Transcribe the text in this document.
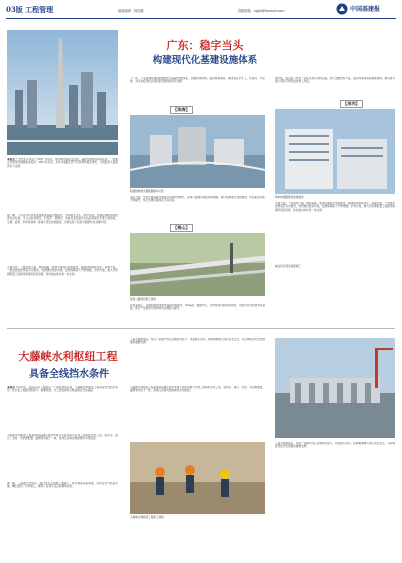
03版 工程管理	版面编辑：林伯鹏	投稿邮箱：zgjtb@foxmail.com	中国基建报
广东：稳字当头
构建现代化基建设施体系
本报讯 广州市近年来以“大城市”为底色，推动城市高质量发展，基础设施网络持续完善，一批重点交通项目相继建成投用。2021年以来，全市交通固定资产投资保持稳定增长，为稳经济大盘提供有力支撑。
据了解，广东省今年以来加快推进基础设施建设，坚持稳字当头、稳中求进，统筹疫情防控和经济社会发展，全力以赴抓项目、扩投资、稳增长。省重点项目建设完成投资超过年度计划进度，交通、能源、水利等领域一批重大项目加快推进，有效发挥了投资对稳增长的关键作用。
交通方面，一批高速公路、城际铁路、轨道交通项目加快建设，路网结构持续优化。能源方面，一批清洁能源项目有序推进，电网建设稳步实施，能源保障能力不断增强。水利方面，重大水资源配置工程建设取得阶段性进展，防洪减灾体系进一步完善。
下一步，广东将继续围绕构建现代化基础设施体系，加强统筹协调，强化要素保障，推动项目早开工、早建设、早见效，为全省经济社会高质量发展提供坚实支撑。
【珠海】
新建的轨道交通线路通车运营
项目方面，全省交通基础设施投资保持较快增长，高速公路通车里程持续增加，港口航道建设加快推进，机场枢纽功能不断提升，综合交通运输体系日趋完善。
【佛山】
高速公路项目施工现场
在此基础上，各地积极推进新型基础设施建设，5G基站、数据中心、充电桩等设施布局加快，为数字经济发展夯实基础，助力产业转型升级和城市治理能力提升。
据介绍，相关部门将进一步优化项目审批流程，加大金融支持力度，强化用地用海等要素保障，推动更多重大项目尽快形成实物工作量。
【深圳】
城市快速路建设加快推进
交通方面，一批高速公路、城际铁路、轨道交通项目加快建设，路网结构持续优化。能源方面，一批清洁能源项目有序推进，电网建设稳步实施，能源保障能力不断增强。水利方面，重大水资源配置工程建设取得阶段性进展，防洪减灾体系进一步完善。
重点民生项目加紧施工
大藤峡水利枢纽工程
具备全线挡水条件
本报讯 4月27日，随着左岸工程最后一个坝块浇筑完成，大藤峡水利枢纽工程具备全线挡水条件，标志着工程建设取得又一重要进展，为工程发挥综合效益奠定坚实基础。
大藤峡水利枢纽工程是国务院确定的172项节水供水重大水利工程的标志性工程，集防洪、航运、发电、水资源配置、灌溉等功能于一体，是珠江流域关键控制性水利枢纽。
据了解，工程建设过程中，建设者们克服施工强度大、技术难度高等困难，坚持安全与质量并重，精心组织、科学施工，确保了各项节点目标顺利实现。
工程全面建成后，将进一步提升西江流域防洪能力，改善航运条件，保障粤港澳大湾区供水安全，为区域经济社会发展提供重要支撑。
大藤峡水利枢纽工程是国务院确定的172项节水供水重大水利工程的标志性工程，集防洪、航运、发电、水资源配置、灌溉等功能于一体，是珠江流域关键控制性水利枢纽。
大藤峡水利枢纽工程施工现场
工程全面建成后，将进一步提升西江流域防洪能力，改善航运条件，保障粤港澳大湾区供水安全，为区域经济社会发展提供重要支撑。
